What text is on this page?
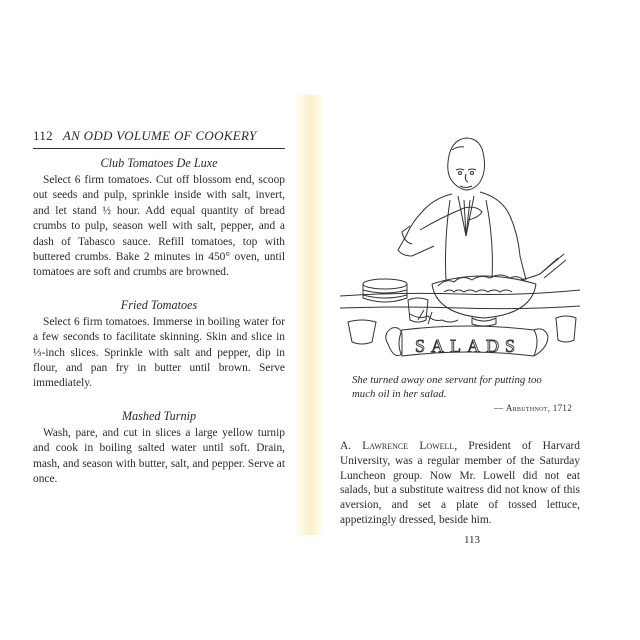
112 AN ODD VOLUME OF COOKERY
Club Tomatoes De Luxe

Select 6 firm tomatoes. Cut off blossom end, scoop out seeds and pulp, sprinkle inside with salt, invert, and let stand ½ hour. Add equal quantity of bread crumbs to pulp, season well with salt, pepper, and a dash of Tabasco sauce. Refill tomatoes, top with buttered crumbs. Bake 2 minutes in 450° oven, until tomatoes are soft and crumbs are browned.

Fried Tomatoes

Select 6 firm tomatoes. Immerse in boiling water for a few seconds to facilitate skinning. Skin and slice in ⅓-inch slices. Sprinkle with salt and pepper, dip in flour, and pan fry in butter until brown. Serve immediately.

Mashed Turnip

Wash, pare, and cut in slices a large yellow turnip and cook in boiling salted water until soft. Drain, mash, and season with butter, salt, and pepper. Serve at once.

SALADS
She turned away one servant for putting too much oil in her salad.
— Arbuthnot, 1712
A. Lawrence Lowell, President of Harvard University, was a regular member of the Saturday Luncheon group. Now Mr. Lowell did not eat salads, but a substitute waitress did not know of this aversion, and set a plate of tossed lettuce, appetizingly dressed, beside him.
113
